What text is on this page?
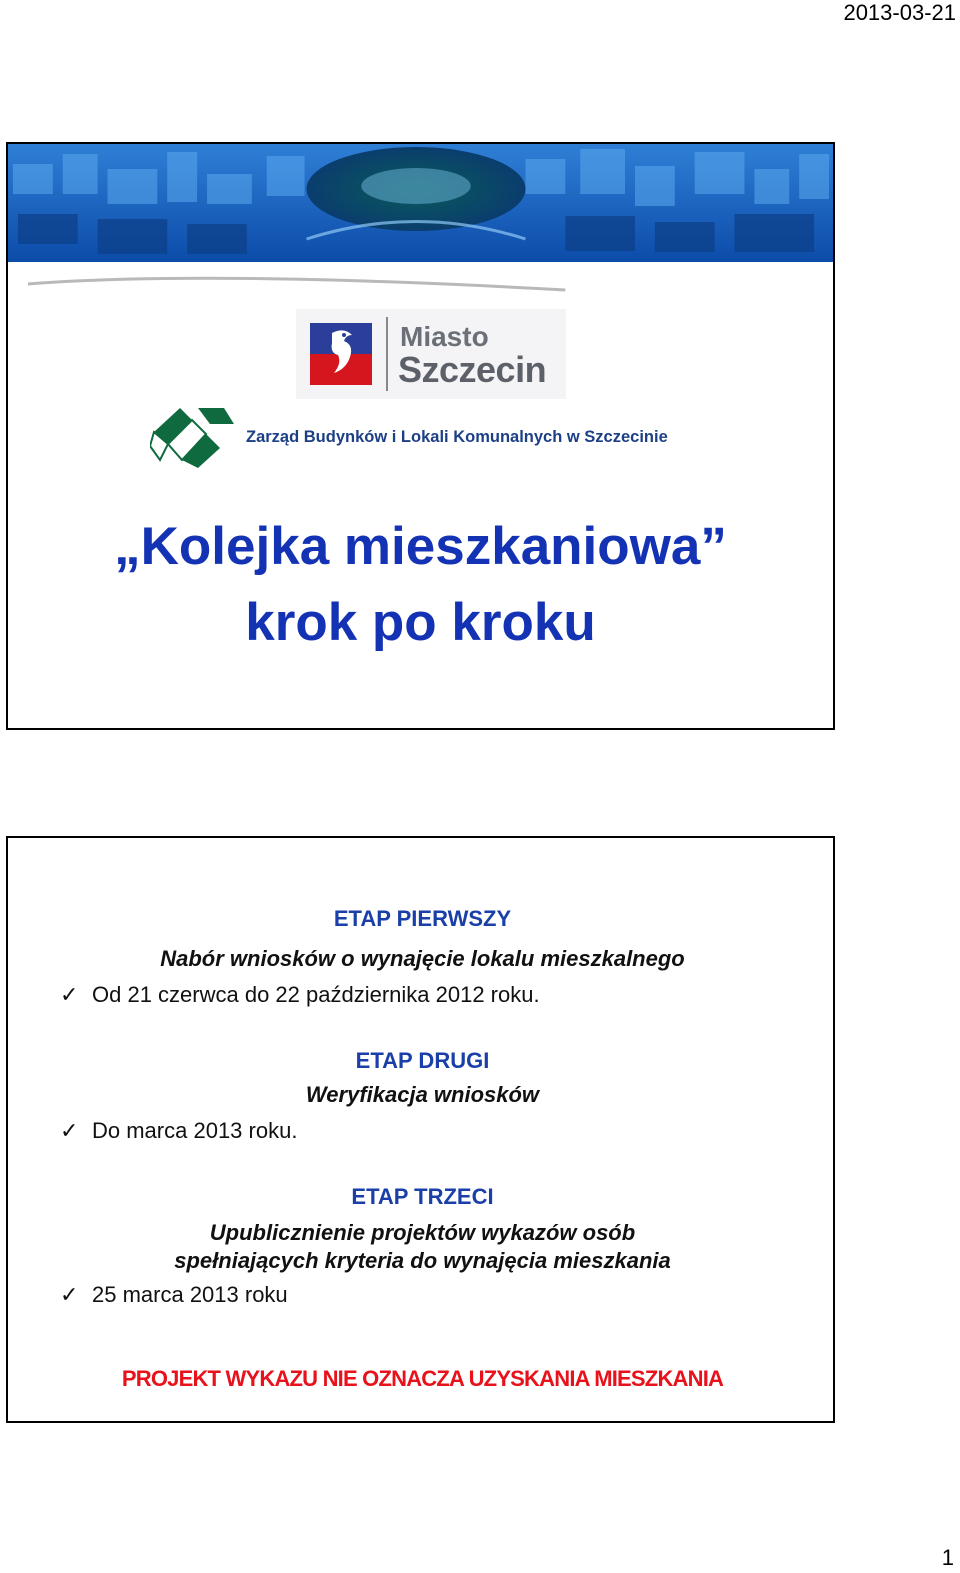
2013-03-21
Miasto
Szczecin
Zarząd Budynków i Lokali Komunalnych w Szczecinie
„Kolejka mieszkaniowa”
krok po kroku
ETAP PIERWSZY
Nabór wniosków o wynajęcie lokalu mieszkalnego
✓ Od 21 czerwca do 22 października 2012 roku.
ETAP DRUGI
Weryfikacja wniosków
✓ Do marca 2013 roku.
ETAP TRZECI
Upublicznienie projektów wykazów osób
spełniających kryteria do wynajęcia mieszkania
✓ 25 marca 2013 roku
PROJEKT WYKAZU NIE OZNACZA UZYSKANIA MIESZKANIA
1
